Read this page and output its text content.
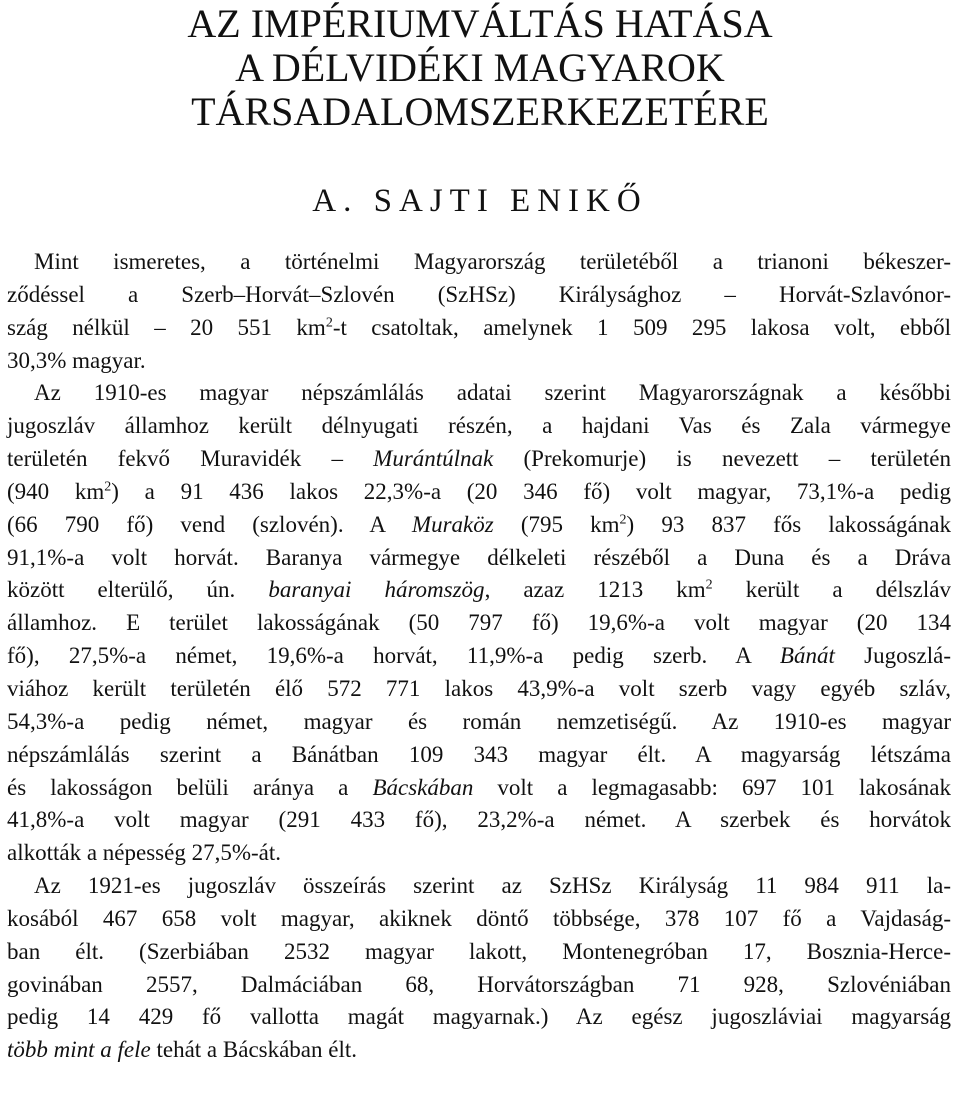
AZ IMPÉRIUMVÁLTÁS HATÁSA
A DÉLVIDÉKI MAGYAROK
TÁRSADALOMSZERKEZETÉRE
A. SAJTI ENIKŐ
Mint ismeretes, a történelmi Magyarország területéből a trianoni békeszer-
ződéssel a Szerb–Horvát–Szlovén (SzHSz) Királysághoz – Horvát-Szlavónor-
szág nélkül – 20 551 $km^2-t$ csatoltak, amelynek 1 509 295 lakosa volt, ebből
30,3% magyar.
Az 1910-es magyar népszámlálás adatai szerint Magyarországnak a későbbi
jugoszláv államhoz került délnyugati részén, a hajdani Vas és Zala vármegye
területén fekvő Muravidék – Murántúlnak (Prekomurje) is nevezett – területén
(940 $km^2$) a 91 436 lakos 22,3%-a (20 346 fő) volt magyar, 73,1%-a pedig
(66 790 fő) vend (szlovén). A Muraköz (795 $km^2$) 93 837 fős lakosságának
91,1%-a volt horvát. Baranya vármegye délkeleti részéből a Duna és a Dráva
között elterülő, ún. baranyai háromszög, azaz 1213 $km^2$ került a délszláv
államhoz. E terület lakosságának (50 797 fő) 19,6%-a volt magyar (20 134
fő), 27,5%-a német, 19,6%-a horvát, 11,9%-a pedig szerb. A Bánát Jugoszlá-
viához került területén élő 572 771 lakos 43,9%-a volt szerb vagy egyéb szláv,
54,3%-a pedig német, magyar és román nemzetiségű. Az 1910-es magyar
népszámlálás szerint a Bánátban 109 343 magyar élt. A magyarság létszáma
és lakosságon belüli aránya a Bácskában volt a legmagasabb: 697 101 lakosának
41,8%-a volt magyar (291 433 fő), 23,2%-a német. A szerbek és horvátok
alkották a népesség 27,5%-át.
Az 1921-es jugoszláv összeírás szerint az SzHSz Királyság 11 984 911 la-
kosából 467 658 volt magyar, akiknek döntő többsége, 378 107 fő a Vajdaság-
ban élt. (Szerbiában 2532 magyar lakott, Montenegróban 17, Bosznia-Herce-
govinában 2557, Dalmáciában 68, Horvátországban 71 928, Szlovéniában
pedig 14 429 fő vallotta magát magyarnak.) Az egész jugoszláviai magyarság
több mint a fele tehát a Bácskában élt.
